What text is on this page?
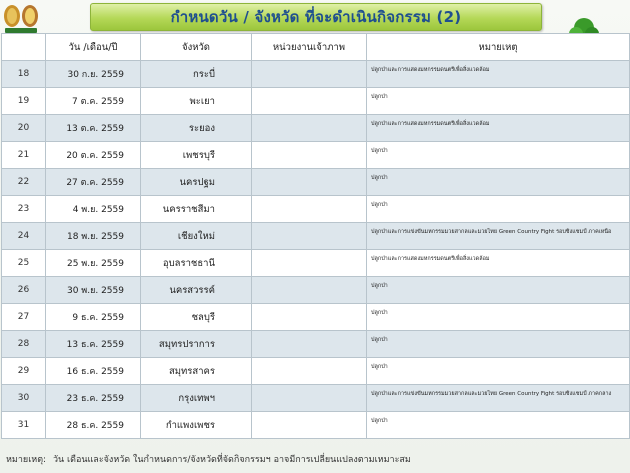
กำหนดวัน / จังหวัด ที่จะดำเนินกิจกรรม (2)
	วัน /เดือน/ปี	จังหวัด	หน่วยงานเจ้าภาพ	หมายเหตุ
18	30 ก.ย. 2559	กระบี่		ปลูกป่าและการแสดงมหกรรมดนตรีเพื่อสิ่งแวดล้อม
19	7 ต.ค. 2559	พะเยา		ปลูกป่า
20	13 ต.ค. 2559	ระยอง		ปลูกป่าและการแสดงมหกรรมดนตรีเพื่อสิ่งแวดล้อม
21	20 ต.ค. 2559	เพชรบุรี		ปลูกป่า
22	27 ต.ค. 2559	นครปฐม		ปลูกป่า
23	4 พ.ย. 2559	นครราชสีมา		ปลูกป่า
24	18 พ.ย. 2559	เชียงใหม่		ปลูกป่าและการแข่งขันมหกรรมมวยสากลและมวยไทย Green Country Fight รอบชิงแชมป์ ภาคเหนือ
25	25 พ.ย. 2559	อุบลราชธานี		ปลูกป่าและการแสดงมหกรรมดนตรีเพื่อสิ่งแวดล้อม
26	30 พ.ย. 2559	นครสวรรค์		ปลูกป่า
27	9 ธ.ค. 2559	ชลบุรี		ปลูกป่า
28	13 ธ.ค. 2559	สมุทรปราการ		ปลูกป่า
29	16 ธ.ค. 2559	สมุทรสาคร		ปลูกป่า
30	23 ธ.ค. 2559	กรุงเทพฯ		ปลูกป่าและการแข่งขันมหกรรมมวยสากลและมวยไทย Green Country Fight รอบชิงแชมป์ ภาคกลาง
31	28 ธ.ค. 2559	กำแพงเพชร		ปลูกป่า
หมายเหตุ: วัน เดือนและจังหวัด ในกำหนดการ/จังหวัดที่จัดกิจกรรมฯ อาจมีการเปลี่ยนแปลงตามเหมาะสม
